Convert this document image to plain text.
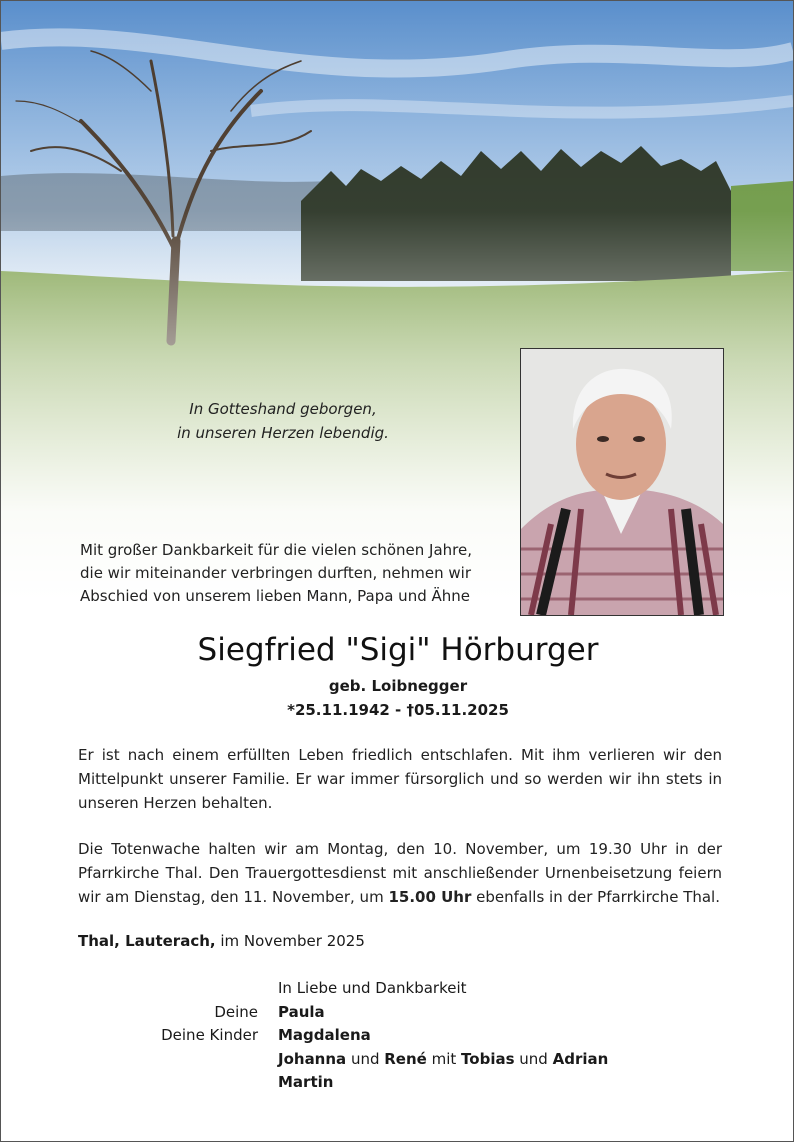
In Gotteshand geborgen,
in unseren Herzen lebendig.
Mit großer Dankbarkeit für die vielen schönen Jahre,
die wir miteinander verbringen durften, nehmen wir
Abschied von unserem lieben Mann, Papa und Ähne
Siegfried "Sigi" Hörburger
geb. Loibnegger
*25.11.1942 - †05.11.2025
Er ist nach einem erfüllten Leben friedlich entschlafen. Mit ihm verlieren wir den Mittelpunkt unserer Familie. Er war immer fürsorglich und so werden wir ihn stets in unseren Herzen behalten.
Die Totenwache halten wir am Montag, den 10. November, um 19.30 Uhr in der Pfarrkirche Thal. Den Trauergottesdienst mit anschließender Urnenbeisetzung feiern wir am Dienstag, den 11. November, um 15.00 Uhr ebenfalls in der Pfarrkirche Thal.
Thal, Lauterach, im November 2025
In Liebe und Dankbarkeit
Deine Paula
Deine Kinder Magdalena
Johanna und René mit Tobias und Adrian
Martin
